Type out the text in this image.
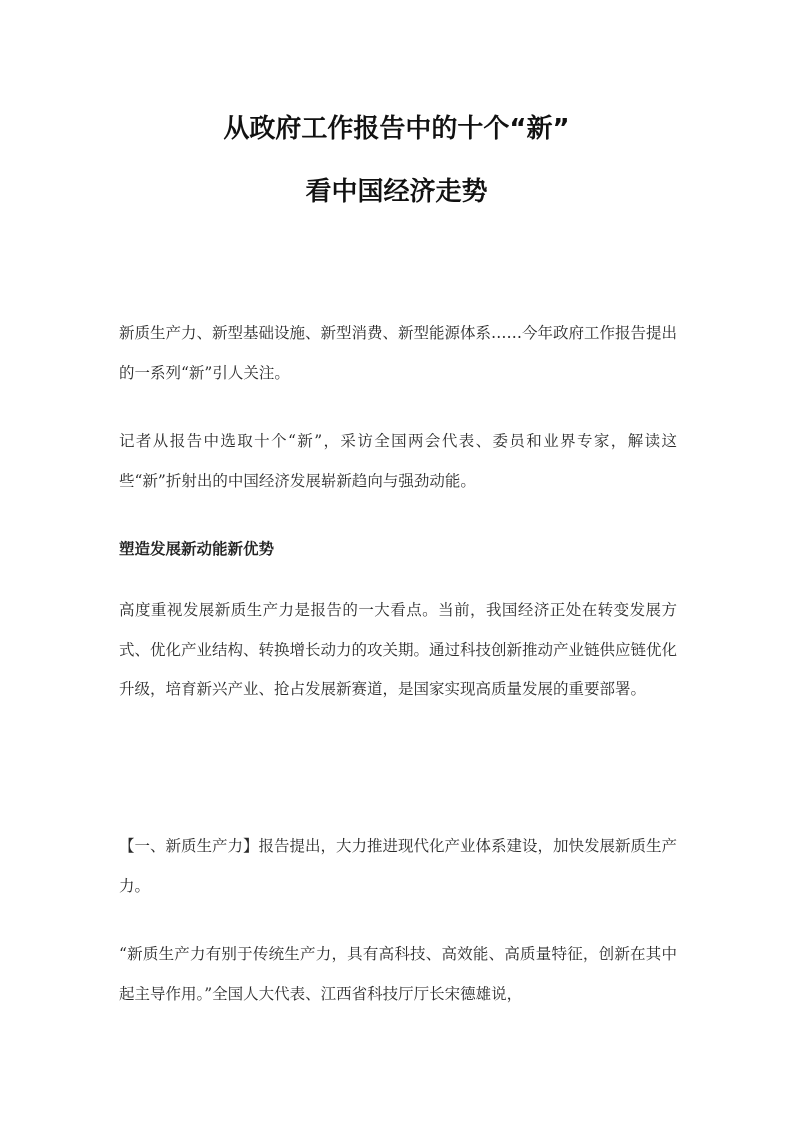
从政府工作报告中的十个“新”
看中国经济走势

新质生产力、新型基础设施、新型消费、新型能源体系……今年政府工作报告提出的一系列“新”引人关注。

记者从报告中选取十个“新”，采访全国两会代表、委员和业界专家，解读这些“新”折射出的中国经济发展崭新趋向与强劲动能。

塑造发展新动能新优势

高度重视发展新质生产力是报告的一大看点。当前，我国经济正处在转变发展方式、优化产业结构、转换增长动力的攻关期。通过科技创新推动产业链供应链优化升级，培育新兴产业、抢占发展新赛道，是国家实现高质量发展的重要部署。

【一、新质生产力】报告提出，大力推进现代化产业体系建设，加快发展新质生产力。

“新质生产力有别于传统生产力，具有高科技、高效能、高质量特征，创新在其中起主导作用。”全国人大代表、江西省科技厅厅长宋德雄说，
